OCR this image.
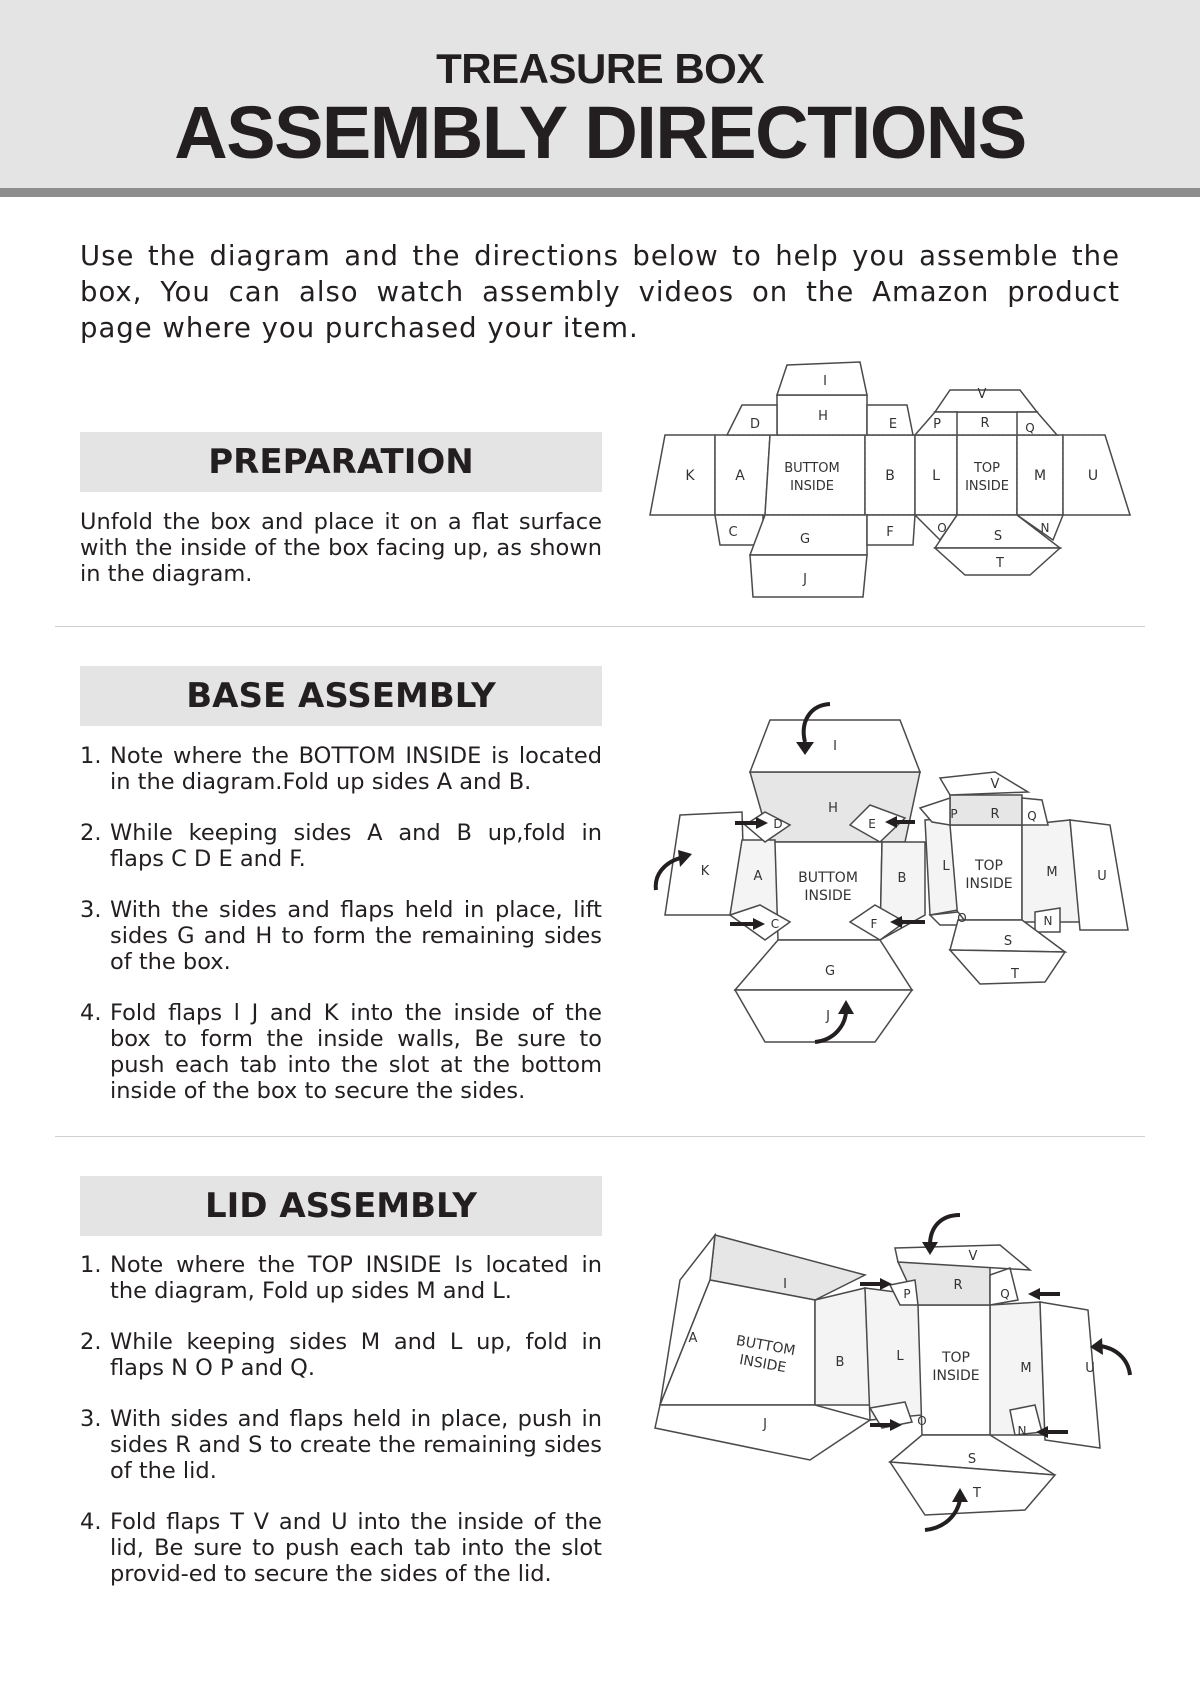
TREASURE BOX
ASSEMBLY DIRECTIONS

Use the diagram and the directions below to help you assemble the box, You can also watch assembly videos on the Amazon product page where you purchased your item.

PREPARATION

Unfold the box and place it on a flat surface with the inside of the box facing up, as shown in the diagram.

K	A	BUTTOM
INSIDE
B	L	TOP
INSIDE
M	U
I
H
D	E
C	G
J
F
V
R
P	Q
O	N
S
T
BASE ASSEMBLY
1. Note where the BOTTOM INSIDE is located in the diagram.Fold up sides A and B.
2. While keeping sides A and B up,fold in flaps C D E and F.
3. With the sides and flaps held in place, lift sides G and H to form the remaining sides of the box.
4. Fold flaps l J and K into the inside of the box to form the inside walls, Be sure to push each tab into the slot at the bottom inside of the box to secure the sides.
I
H
K	A	BUTTOM
INSIDE
B
D	E
C	F
G
J
L TOP
INSIDE
M	U
R
V
P	Q
O	N
S
T
LID ASSEMBLY
1. Note where the TOP INSIDE Is located in the diagram, Fold up sides M and L.
2. While keeping sides M and L up, fold in flaps N O P and Q.
3. With sides and flaps held in place, push in sides R and S to create the remaining sides of the lid.
4. Fold flaps T V and U into the inside of the lid, Be sure to push each tab into the slot provid-ed to secure the sides of the lid.
I
A	BUTTOM
INSIDE	B
J
L	TOP
INSIDE	M	U
R
V
P	Q
O
N
S
T
